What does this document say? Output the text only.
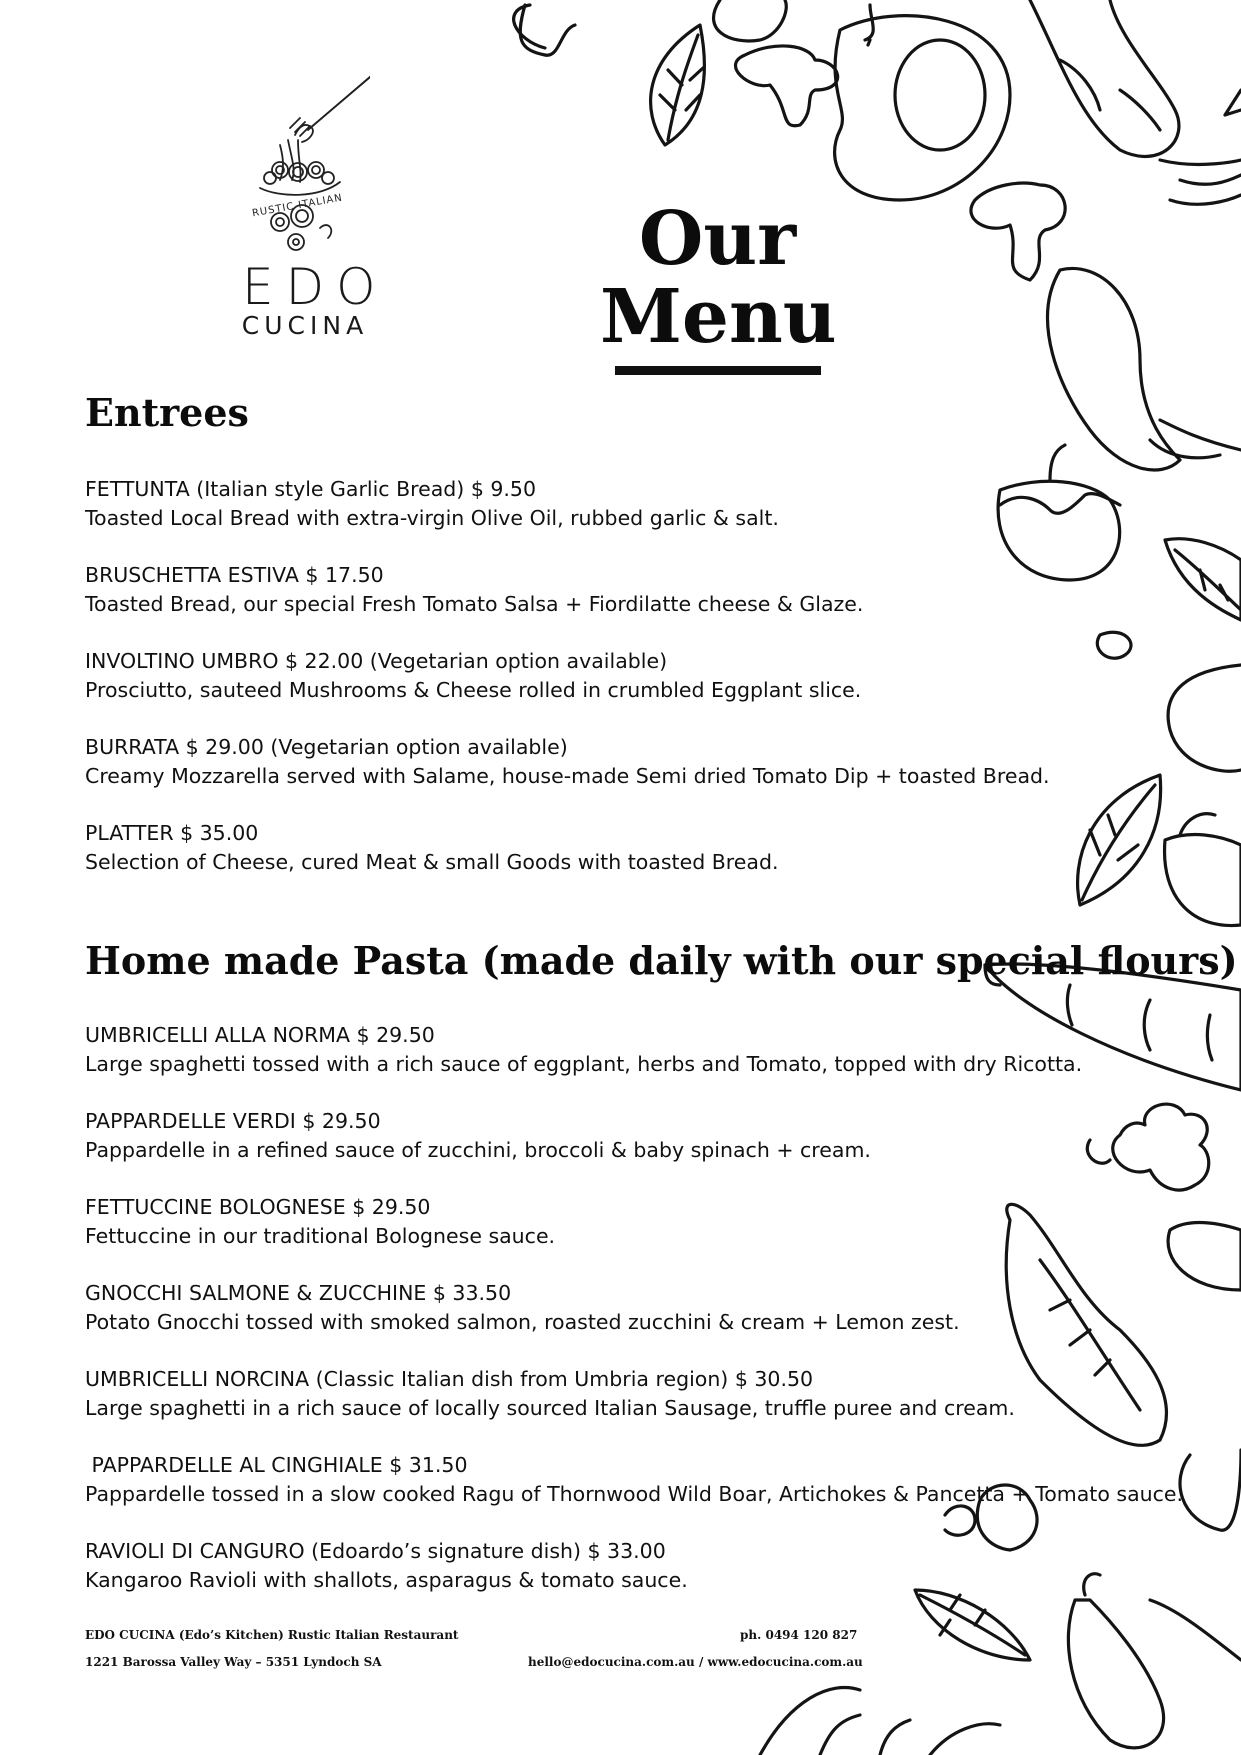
RUSTIC ITALIAN
EDO
CUCINA
Our
Menu
Entrees
FETTUNTA (Italian style Garlic Bread) $ 9.50
Toasted Local Bread with extra-virgin Olive Oil, rubbed garlic & salt.
BRUSCHETTA ESTIVA $ 17.50
Toasted Bread, our special Fresh Tomato Salsa + Fiordilatte cheese & Glaze.
INVOLTINO UMBRO $ 22.00 (Vegetarian option available)
Prosciutto, sauteed Mushrooms & Cheese rolled in crumbled Eggplant slice.
BURRATA $ 29.00 (Vegetarian option available)
Creamy Mozzarella served with Salame, house-made Semi dried Tomato Dip + toasted Bread.
PLATTER $ 35.00
Selection of Cheese, cured Meat & small Goods with toasted Bread.
Home made Pasta (made daily with our special flours)
UMBRICELLI ALLA NORMA $ 29.50
Large spaghetti tossed with a rich sauce of eggplant, herbs and Tomato, topped with dry Ricotta.
PAPPARDELLE VERDI $ 29.50
Pappardelle in a refined sauce of zucchini, broccoli & baby spinach + cream.
FETTUCCINE BOLOGNESE $ 29.50
Fettuccine in our traditional Bolognese sauce.
GNOCCHI SALMONE & ZUCCHINE $ 33.50
Potato Gnocchi tossed with smoked salmon, roasted zucchini & cream + Lemon zest.
UMBRICELLI NORCINA (Classic Italian dish from Umbria region) $ 30.50
Large spaghetti in a rich sauce of locally sourced Italian Sausage, truffle puree and cream.
PAPPARDELLE AL CINGHIALE $ 31.50
Pappardelle tossed in a slow cooked Ragu of Thornwood Wild Boar, Artichokes & Pancetta + Tomato sauce.
RAVIOLI DI CANGURO (Edoardo’s signature dish) $ 33.00
Kangaroo Ravioli with shallots, asparagus & tomato sauce.
EDO CUCINA (Edo’s Kitchen) Rustic Italian Restaurant
1221 Barossa Valley Way – 5351 Lyndoch SA
ph. 0494 120 827
hello@edocucina.com.au / www.edocucina.com.au
